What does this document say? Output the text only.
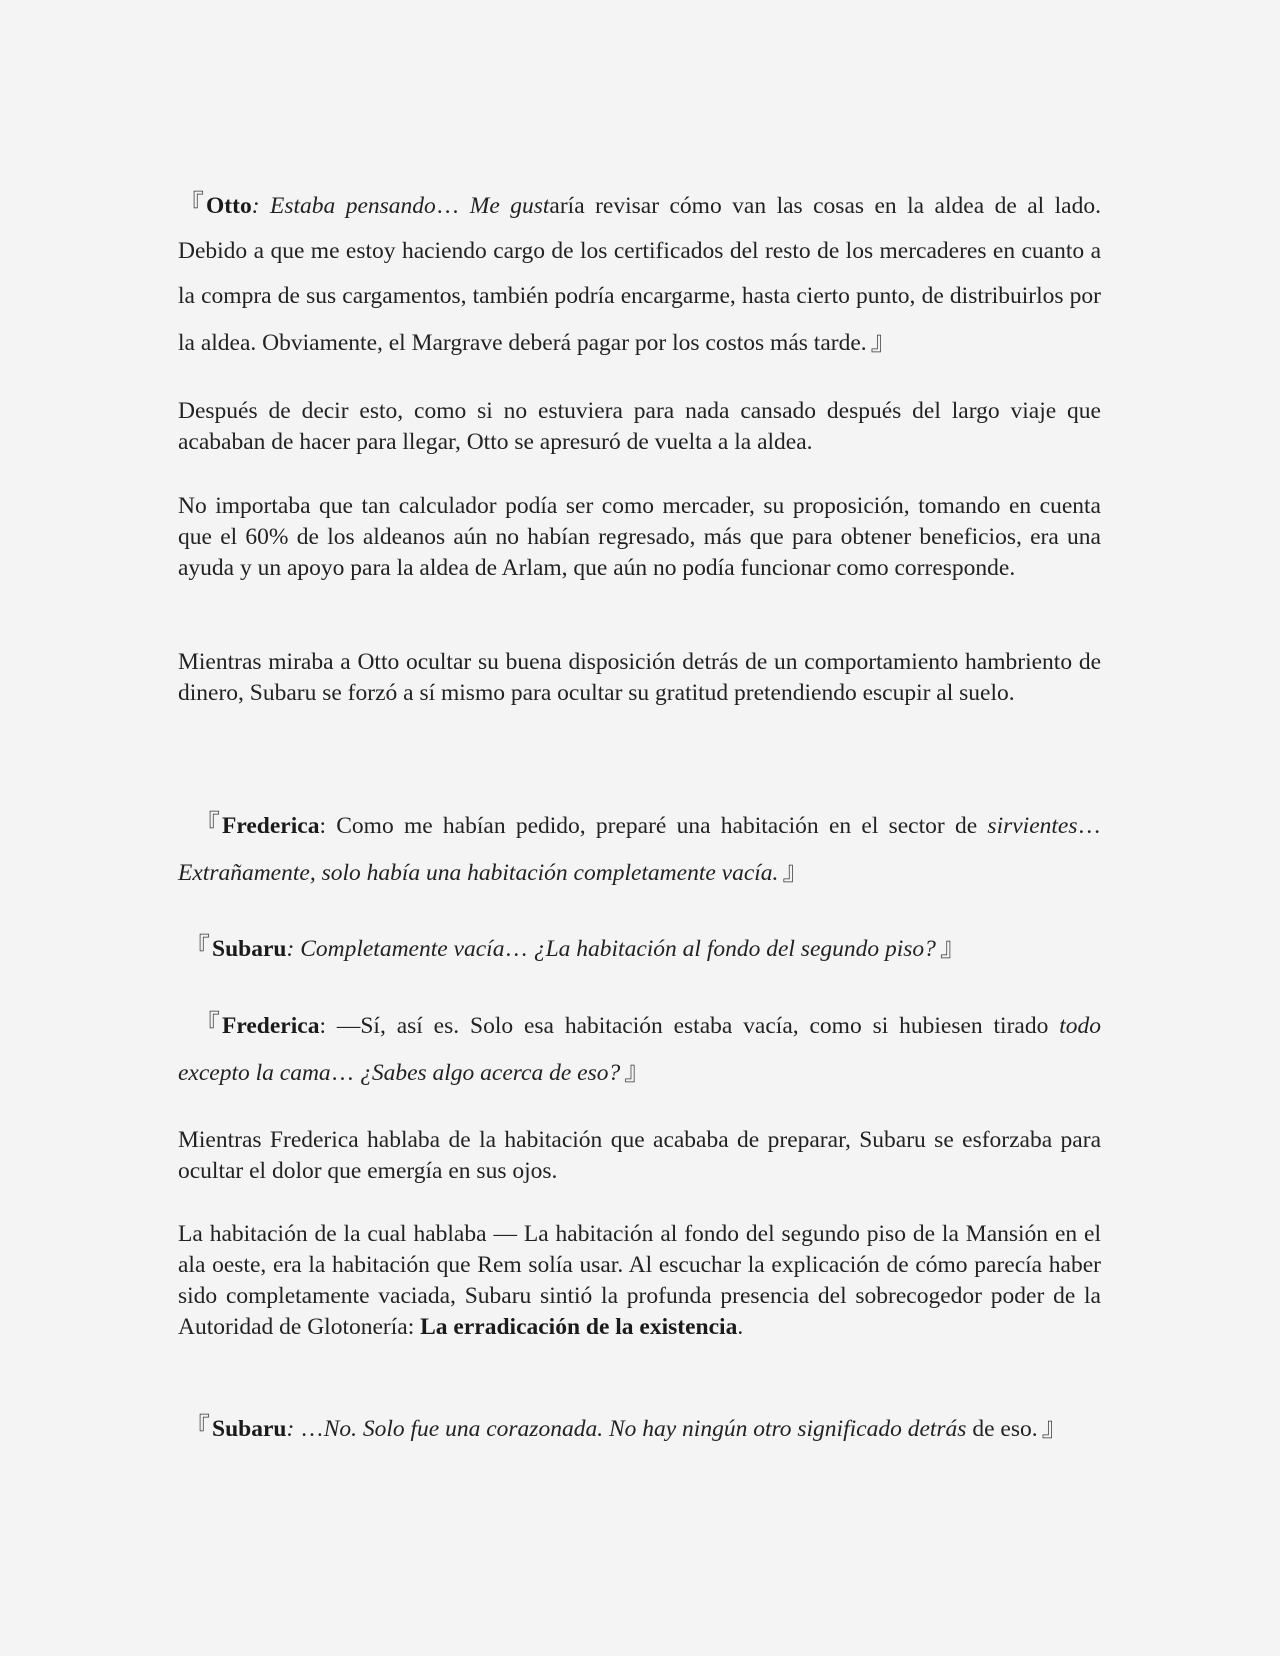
『Otto: Estaba pensando… Me gustaría revisar cómo van las cosas en la aldea de al lado. Debido a que me estoy haciendo cargo de los certificados del resto de los mercaderes en cuanto a la compra de sus cargamentos, también podría encargarme, hasta cierto punto, de distribuirlos por la aldea. Obviamente, el Margrave deberá pagar por los costos más tarde. 』

Después de decir esto, como si no estuviera para nada cansado después del largo viaje que acababan de hacer para llegar, Otto se apresuró de vuelta a la aldea.

No importaba que tan calculador podía ser como mercader, su proposición, tomando en cuenta que el 60% de los aldeanos aún no habían regresado, más que para obtener beneficios, era una ayuda y un apoyo para la aldea de Arlam, que aún no podía funcionar como corresponde.

Mientras miraba a Otto ocultar su buena disposición detrás de un comportamiento hambriento de dinero, Subaru se forzó a sí mismo para ocultar su gratitud pretendiendo escupir al suelo.

『Frederica: Como me habían pedido, preparé una habitación en el sector de sirvientes… Extrañamente, solo había una habitación completamente vacía. 』

『Subaru: Completamente vacía… ¿La habitación al fondo del segundo piso? 』

『Frederica: —Sí, así es. Solo esa habitación estaba vacía, como si hubiesen tirado todo excepto la cama… ¿Sabes algo acerca de eso? 』

Mientras Frederica hablaba de la habitación que acababa de preparar, Subaru se esforzaba para ocultar el dolor que emergía en sus ojos.

La habitación de la cual hablaba — La habitación al fondo del segundo piso de la Mansión en el ala oeste, era la habitación que Rem solía usar. Al escuchar la explicación de cómo parecía haber sido completamente vaciada, Subaru sintió la profunda presencia del sobrecogedor poder de la Autoridad de Glotonería: La erradicación de la existencia.

『Subaru: …No. Solo fue una corazonada. No hay ningún otro significado detrás de eso. 』
